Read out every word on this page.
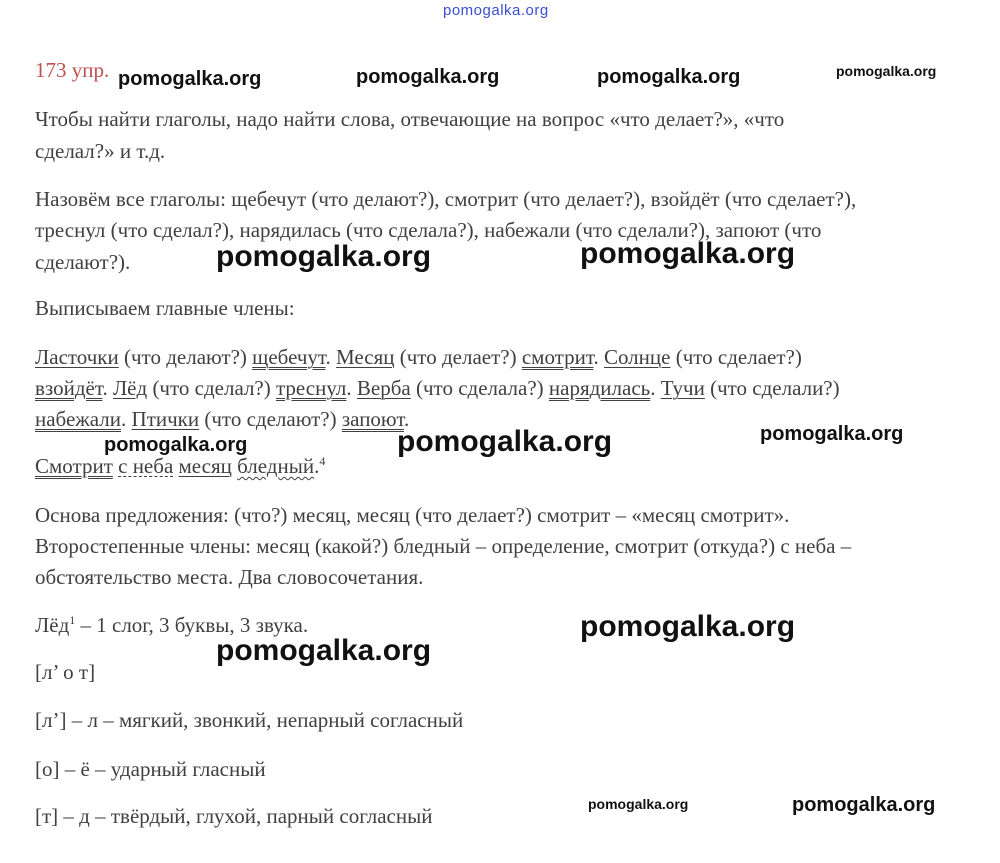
pomogalka.org
173 упр.
Чтобы найти глаголы, надо найти слова, отвечающие на вопрос «что делает?», «что
сделал?» и т.д.
Назовём все глаголы: щебечут (что делают?), смотрит (что делает?), взойдёт (что сделает?),
треснул (что сделал?), нарядилась (что сделала?), набежали (что сделали?), запоют (что
сделают?).
Выписываем главные члены:
Ласточки (что делают?) щебечут. Месяц (что делает?) смотрит. Солнце (что сделает?)
взойдёт. Лёд (что сделал?) треснул. Верба (что сделала?) нарядилась. Тучи (что сделали?)
набежали. Птички (что сделают?) запоют.
Смотрит с неба месяц бледный.$^4$
Основа предложения: (что?) месяц, месяц (что делает?) смотрит – «месяц смотрит».
Второстепенные члены: месяц (какой?) бледный – определение, смотрит (откуда?) с неба –
обстоятельство места. Два словосочетания.
Лёд$^1$ – 1 слог, 3 буквы, 3 звука.
[л’ о т]
[л’] – л – мягкий, звонкий, непарный согласный
[о] – ё – ударный гласный
[т] – д – твёрдый, глухой, парный согласный
pomogalka.org	pomogalka.org	pomogalka.org	pomogalka.org
pomogalka.org	pomogalka.org
pomogalka.org	pomogalka.org	pomogalka.org
pomogalka.org
pomogalka.org
pomogalka.org	pomogalka.org
